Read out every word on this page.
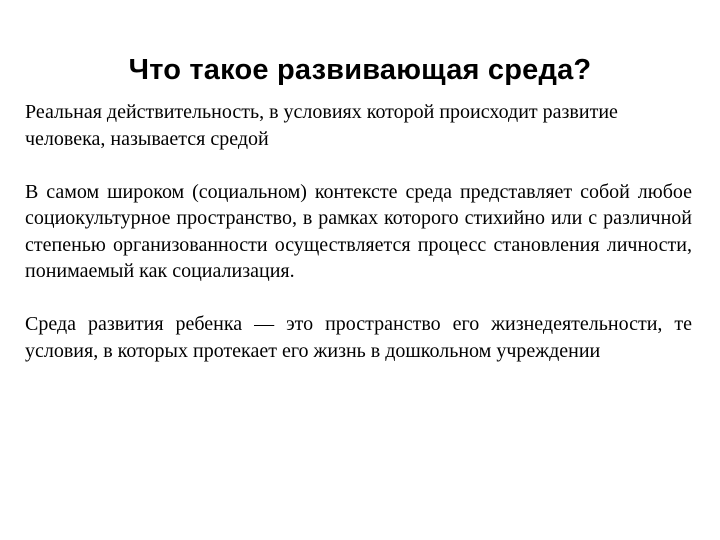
Что такое развивающая среда?

Реальная действительность, в условиях которой происходит развитие человека, называется средой

В самом широком (социальном) контексте среда представляет собой любое социокультурное пространство, в рамках которого стихийно или с различной степенью организованности осуществляется процесс становления личности, понимаемый как социализация.

Среда развития ребенка — это пространство его жизнедеятельности, те условия, в которых протекает его жизнь в дошкольном учреждении
